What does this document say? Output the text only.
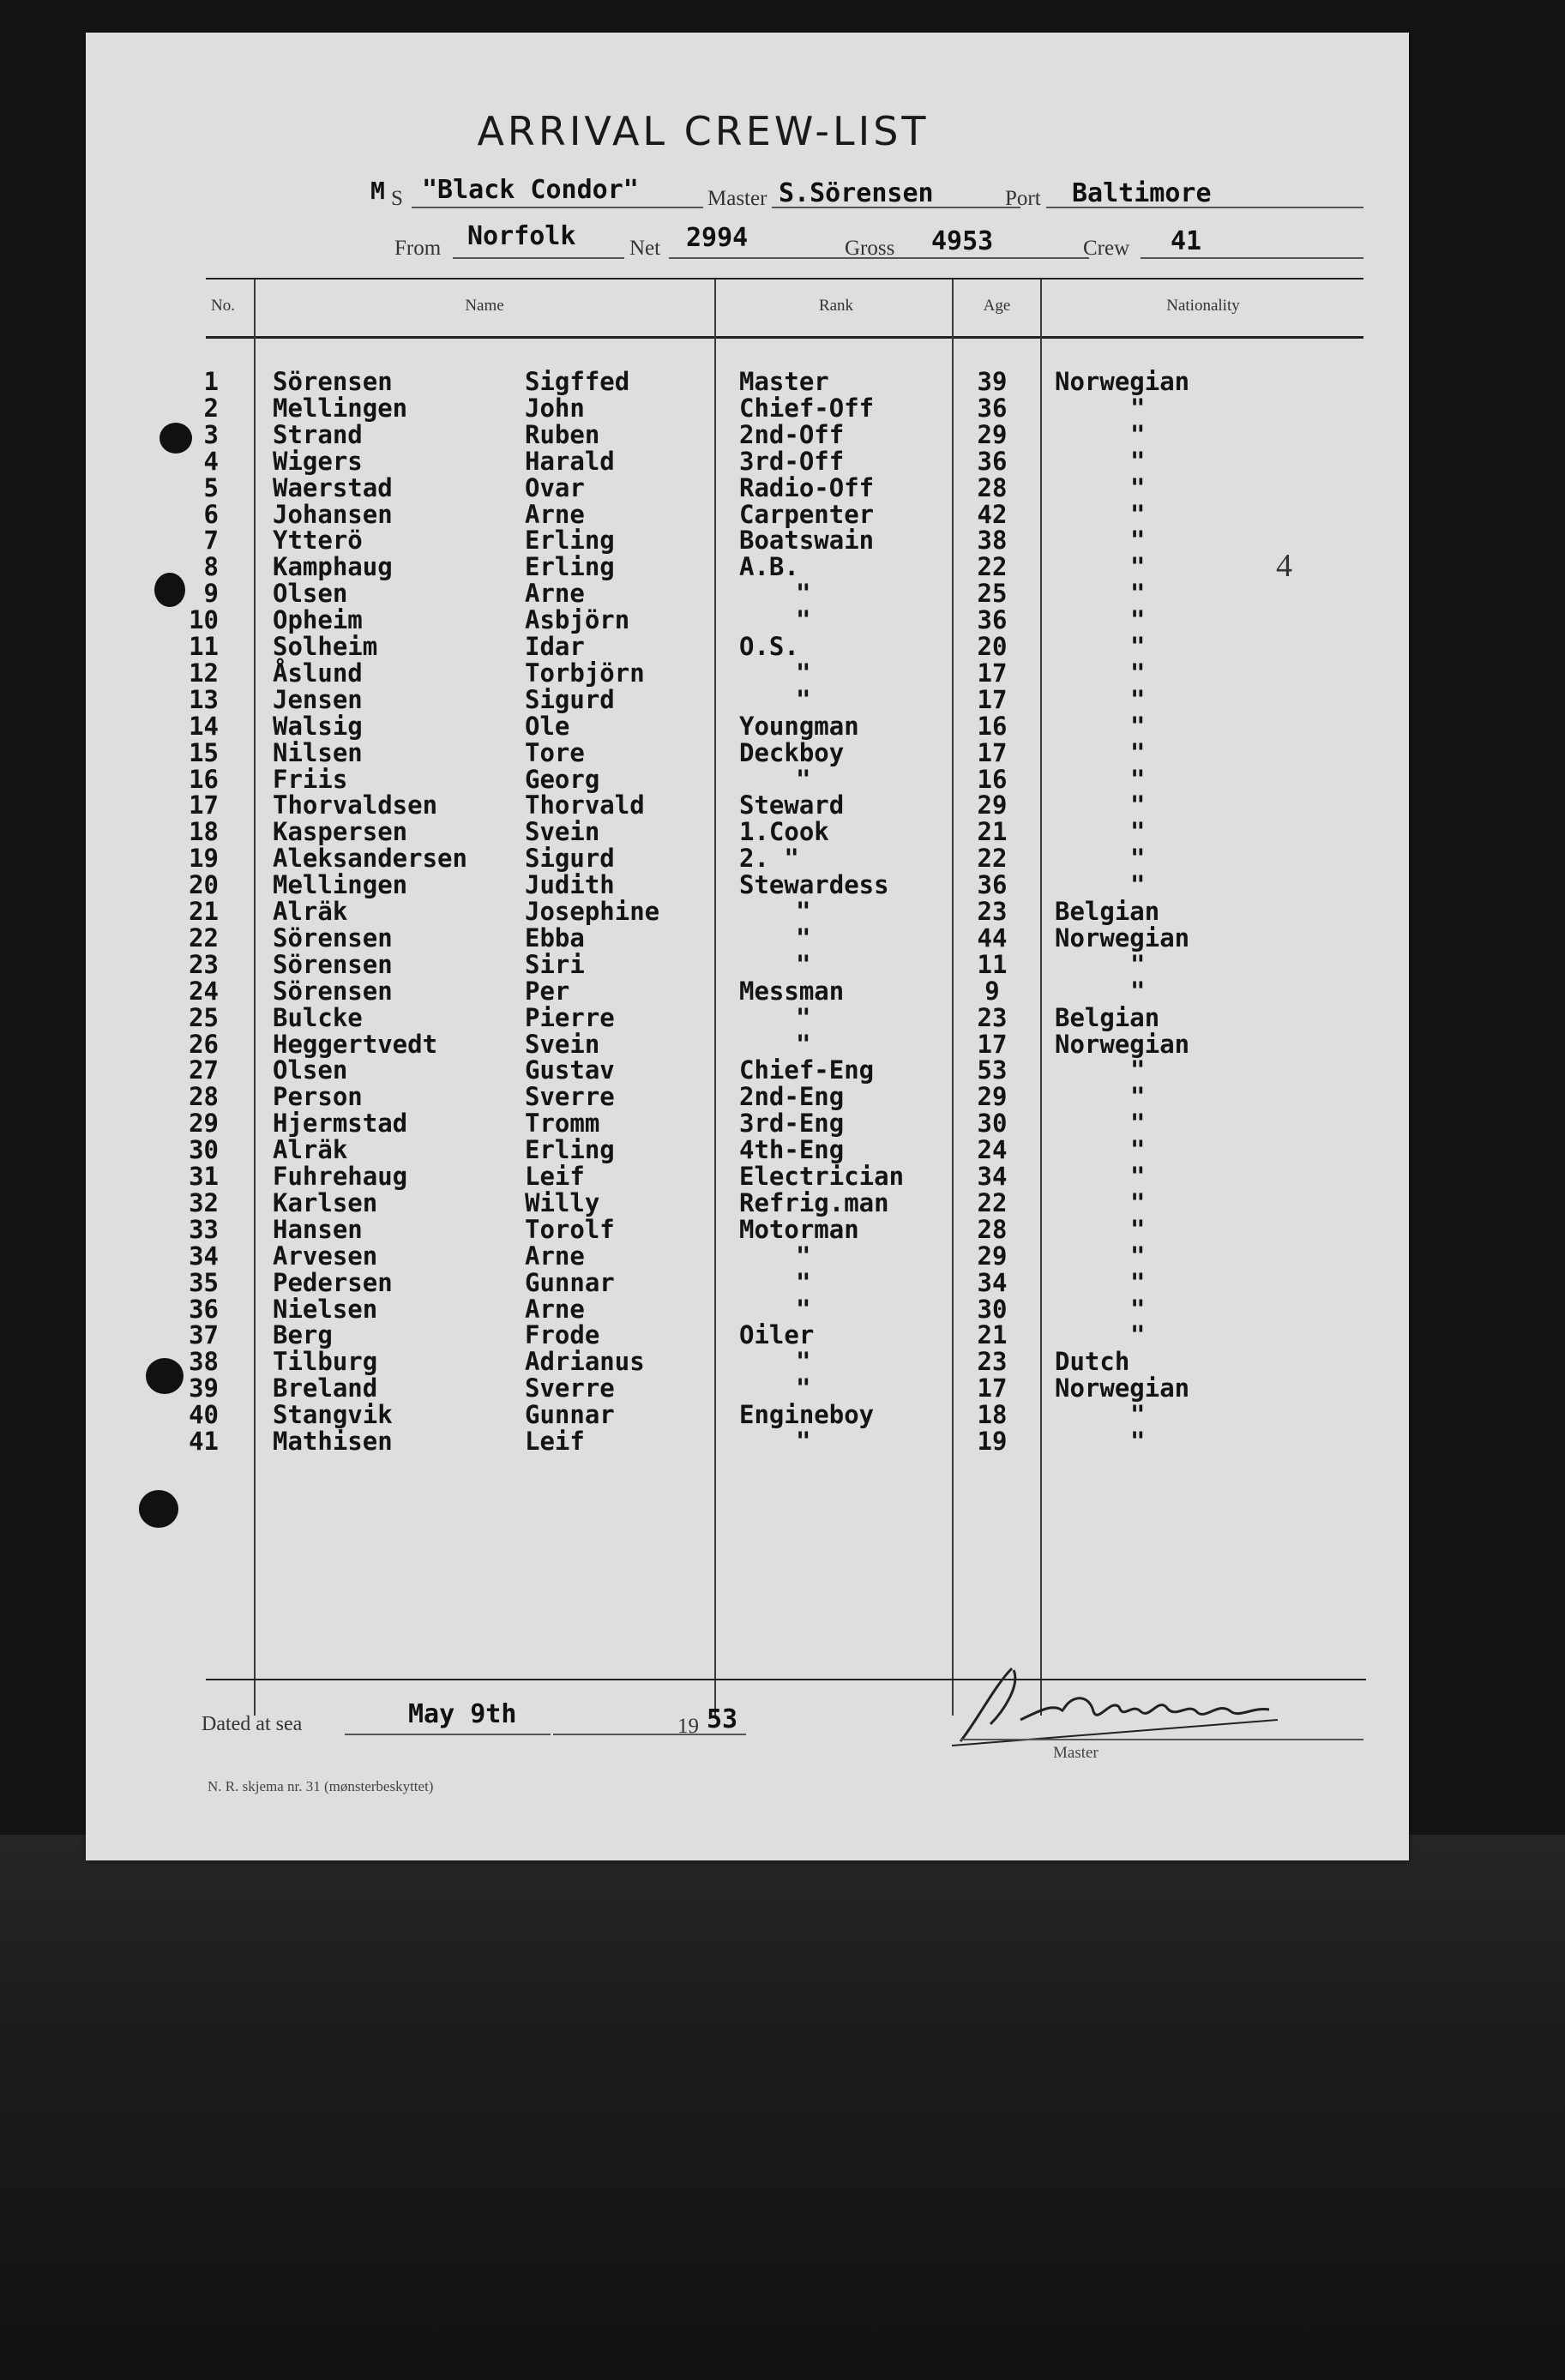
ARRIVAL CREW-LIST
M S "Black Condor"	Master S.Sörensen	Port Baltimore
From Norfolk	Net 2994	Gross 4953	Crew 41
No.	Name	Rank	Age	Nationality
1 Sörensen	Sigffed	Master	39	Norwegian
2 Mellingen	John	Chief-Off	36	"
3 Strand	Ruben	2nd-Off	29	"
4 Wigers	Harald	3rd-Off	36	"
5 Waerstad	Ovar	Radio-Off	28	"
6 Johansen	Arne	Carpenter	42	"
7 Ytterö	Erling	Boatswain	38	"
8 Kamphaug	Erling	A.B.	22	"
9 Olsen	Arne	"	25	"
10 Opheim	Asbjörn	"	36	"
11 Solheim	Idar	O.S.	20	"
12 Åslund	Torbjörn	"	17	"
13 Jensen	Sigurd	"	17	"
14 Walsig	Ole	Youngman	16	"
15 Nilsen	Tore	Deckboy	17	"
16 Friis	Georg	"	16	"
17 Thorvaldsen	Thorvald	Steward	29	"
18 Kaspersen	Svein	1.Cook	21	"
19 Aleksandersen Sigurd	2. "	22	"
20 Mellingen	Judith	Stewardess	36	"
21 Alräk	Josephine	"	23	Belgian
22 Sörensen	Ebba	"	44	Norwegian
23 Sörensen	Siri	"	11	"
24 Sörensen	Per	Messman	9	"
25 Bulcke	Pierre	"	23	Belgian
26 Heggertvedt	Svein	"	17	Norwegian
27 Olsen	Gustav	Chief-Eng	53	"
28 Person	Sverre	2nd-Eng	29	"
29 Hjermstad	Tromm	3rd-Eng	30	"
30 Alräk	Erling	4th-Eng	24	"
31 Fuhrehaug	Leif	Electrician	34	"
32 Karlsen	Willy	Refrig.man	22	"
33 Hansen	Torolf	Motorman	28	"
34 Arvesen	Arne	"	29	"
35 Pedersen	Gunnar	"	34	"
36 Nielsen	Arne	"	30	"
37 Berg	Frode	Oiler	21	"
38 Tilburg	Adrianus	"	23	Dutch
39 Breland	Sverre	"	17	Norwegian
40 Stangvik	Gunnar	Engineboy	18	"
41 Mathisen	Leif	"	19	"
4
Dated at sea	May 9th	19 53
Master
N. R. skjema nr. 31 (mønsterbeskyttet)
